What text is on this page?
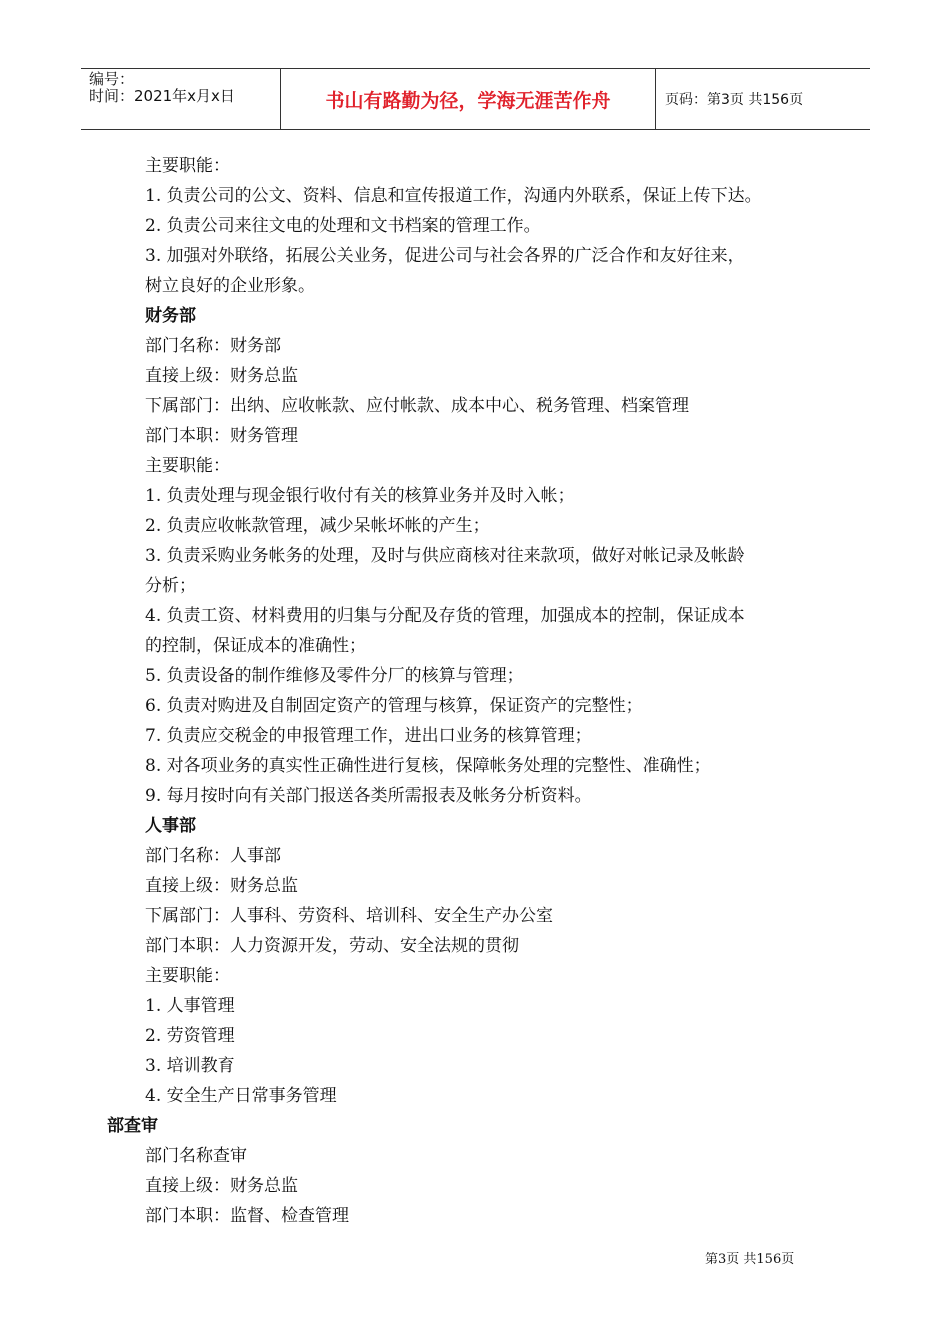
编号：
时间：2021年x月x日	书山有路勤为径，学海无涯苦作舟	页码：第3页 共156页
主要职能：
1. 负责公司的公文、资料、信息和宣传报道工作，沟通内外联系，保证上传下达。
2. 负责公司来往文电的处理和文书档案的管理工作。
3. 加强对外联络，拓展公关业务，促进公司与社会各界的广泛合作和友好往来，
树立良好的企业形象。
财务部
部门名称：财务部
直接上级：财务总监
下属部门：出纳、应收帐款、应付帐款、成本中心、税务管理、档案管理
部门本职：财务管理
主要职能：
1. 负责处理与现金银行收付有关的核算业务并及时入帐；
2. 负责应收帐款管理，减少呆帐坏帐的产生；
3. 负责采购业务帐务的处理，及时与供应商核对往来款项，做好对帐记录及帐龄
分析；
4. 负责工资、材料费用的归集与分配及存货的管理，加强成本的控制，保证成本
的控制，保证成本的准确性；
5. 负责设备的制作维修及零件分厂的核算与管理；
6. 负责对购进及自制固定资产的管理与核算，保证资产的完整性；
7. 负责应交税金的申报管理工作，进出口业务的核算管理；
8. 对各项业务的真实性正确性进行复核，保障帐务处理的完整性、准确性；
9. 每月按时向有关部门报送各类所需报表及帐务分析资料。
人事部
部门名称：人事部
直接上级：财务总监
下属部门：人事科、劳资科、培训科、安全生产办公室
部门本职：人力资源开发，劳动、安全法规的贯彻
主要职能：
1. 人事管理
2. 劳资管理
3. 培训教育
4. 安全生产日常事务管理
部查审
部门名称查审
直接上级：财务总监
部门本职：监督、检查管理
第3页 共156页
